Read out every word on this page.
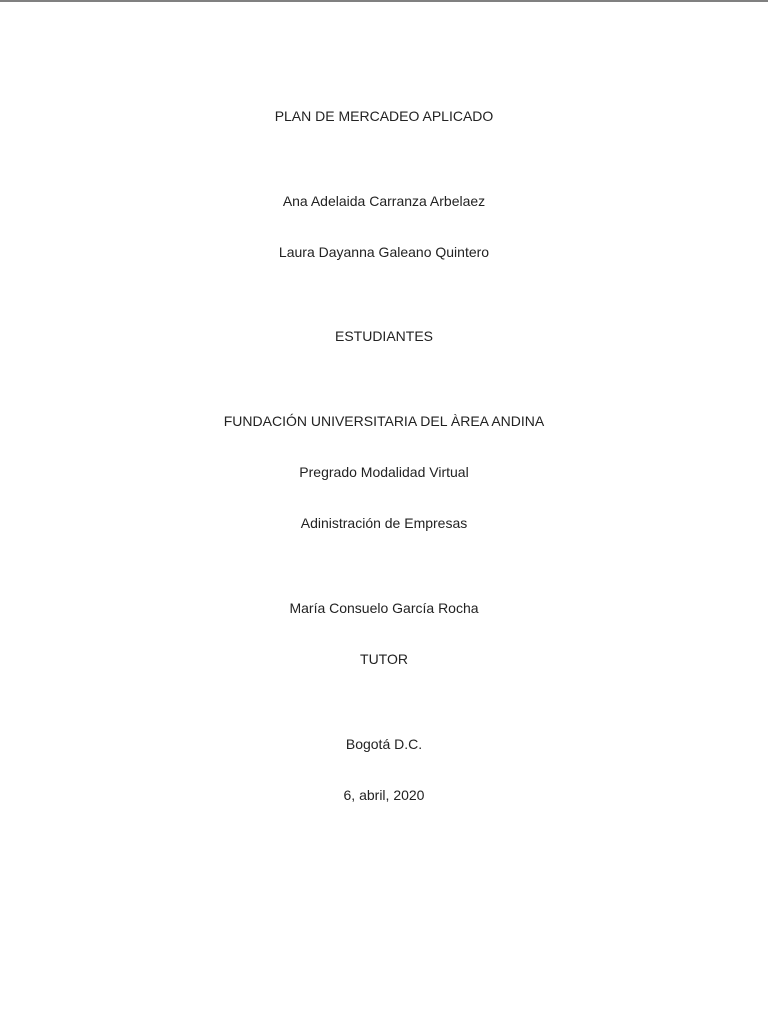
PLAN DE MERCADEO APLICADO
Ana Adelaida Carranza Arbelaez
Laura Dayanna Galeano Quintero
ESTUDIANTES
FUNDACIÓN UNIVERSITARIA DEL ÀREA ANDINA
Pregrado Modalidad Virtual
Adinistración de Empresas
María Consuelo García Rocha
TUTOR
Bogotá D.C.
6, abril, 2020
